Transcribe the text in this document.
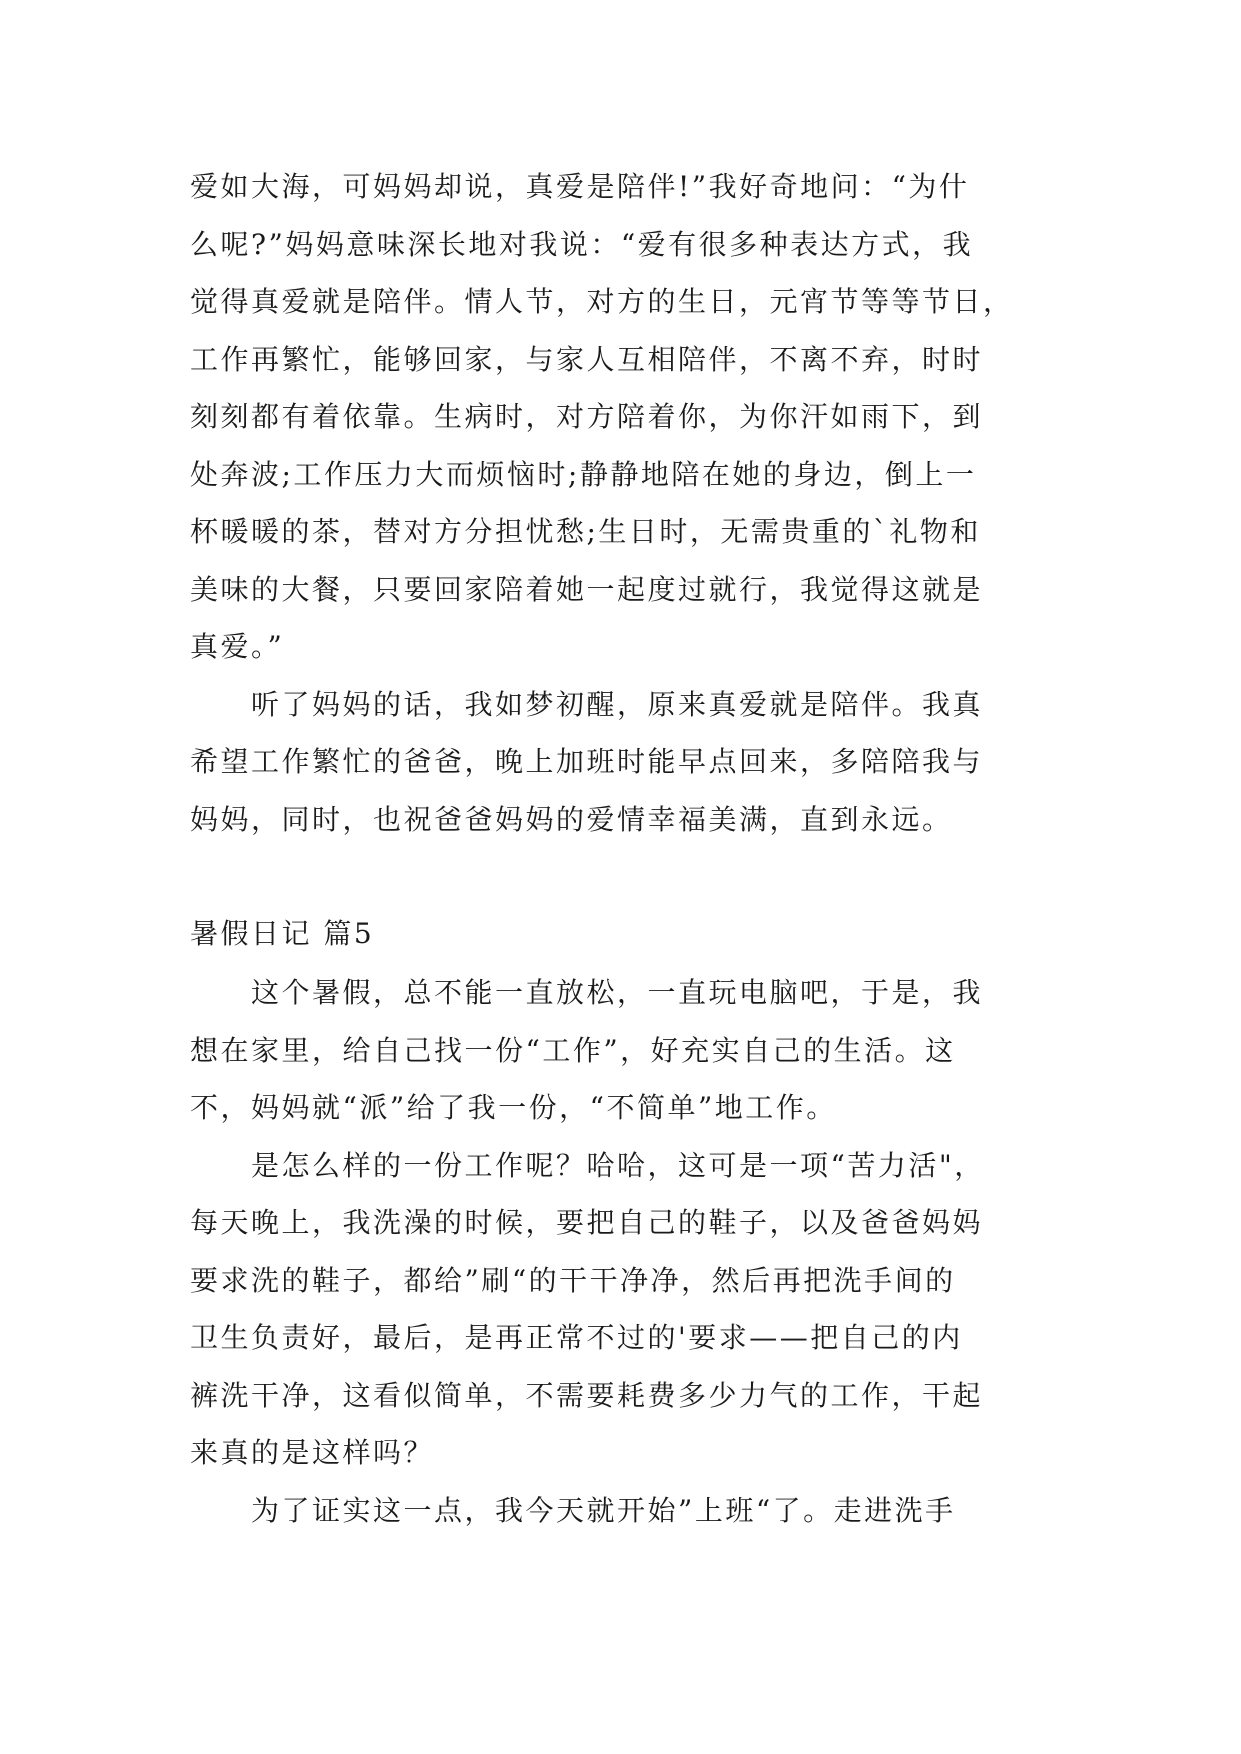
爱如大海，可妈妈却说，真爱是陪伴!”我好奇地问：“为什
么呢?”妈妈意味深长地对我说：“爱有很多种表达方式，我
觉得真爱就是陪伴。情人节，对方的生日，元宵节等等节日，
工作再繁忙，能够回家，与家人互相陪伴，不离不弃，时时
刻刻都有着依靠。生病时，对方陪着你，为你汗如雨下，到
处奔波;工作压力大而烦恼时;静静地陪在她的身边，倒上一
杯暖暖的茶，替对方分担忧愁;生日时，无需贵重的`礼物和
美味的大餐，只要回家陪着她一起度过就行，我觉得这就是
真爱。”
　　听了妈妈的话，我如梦初醒，原来真爱就是陪伴。我真
希望工作繁忙的爸爸，晚上加班时能早点回来，多陪陪我与
妈妈，同时，也祝爸爸妈妈的爱情幸福美满，直到永远。
暑假日记 篇5
　　这个暑假，总不能一直放松，一直玩电脑吧，于是，我
想在家里，给自己找一份“工作”，好充实自己的生活。这
不，妈妈就“派”给了我一份，“不简单”地工作。
　　是怎么样的一份工作呢？哈哈，这可是一项“苦力活"，
每天晚上，我洗澡的时候，要把自己的鞋子，以及爸爸妈妈
要求洗的鞋子，都给”刷“的干干净净，然后再把洗手间的
卫生负责好，最后，是再正常不过的'要求——把自己的内
裤洗干净，这看似简单，不需要耗费多少力气的工作，干起
来真的是这样吗？
　　为了证实这一点，我今天就开始”上班“了。走进洗手
